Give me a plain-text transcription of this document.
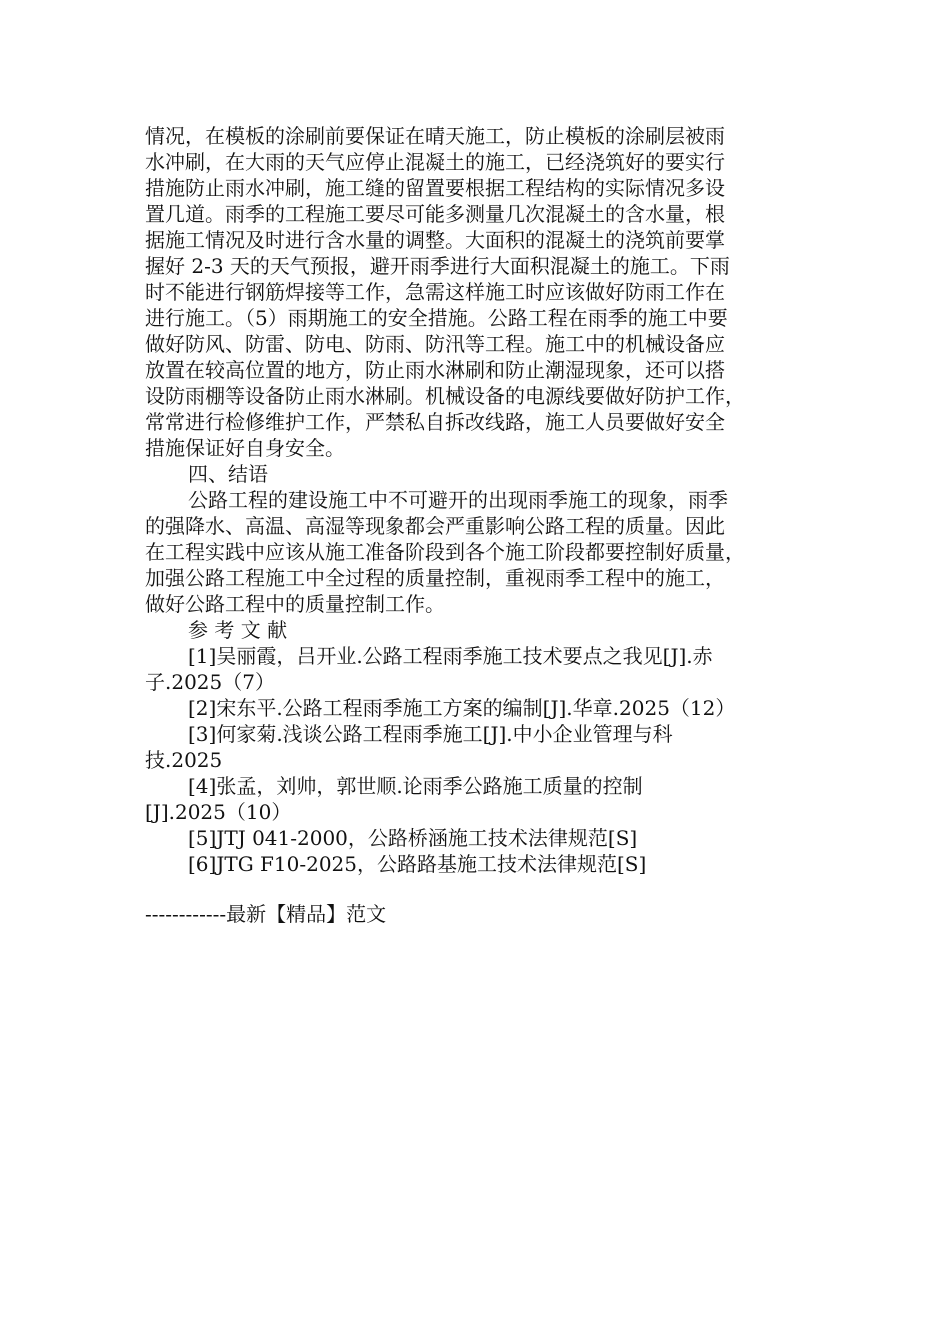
情况，在模板的涂刷前要保证在晴天施工，防止模板的涂刷层被雨
水冲刷，在大雨的天气应停止混凝土的施工，已经浇筑好的要实行
措施防止雨水冲刷，施工缝的留置要根据工程结构的实际情况多设
置几道。雨季的工程施工要尽可能多测量几次混凝土的含水量，根
据施工情况及时进行含水量的调整。大面积的混凝土的浇筑前要掌
握好 2-3 天的天气预报，避开雨季进行大面积混凝土的施工。下雨
时不能进行钢筋焊接等工作，急需这样施工时应该做好防雨工作在
进行施工。（5）雨期施工的安全措施。公路工程在雨季的施工中要
做好防风、防雷、防电、防雨、防汛等工程。施工中的机械设备应
放置在较高位置的地方，防止雨水淋刷和防止潮湿现象，还可以搭
设防雨棚等设备防止雨水淋刷。机械设备的电源线要做好防护工作，
常常进行检修维护工作，严禁私自拆改线路，施工人员要做好安全
措施保证好自身安全。
四、结语
公路工程的建设施工中不可避开的出现雨季施工的现象，雨季
的强降水、高温、高湿等现象都会严重影响公路工程的质量。因此
在工程实践中应该从施工准备阶段到各个施工阶段都要控制好质量，
加强公路工程施工中全过程的质量控制，重视雨季工程中的施工，
做好公路工程中的质量控制工作。
参 考 文 献
[1]吴丽霞，吕开业.公路工程雨季施工技术要点之我见[J].赤
子.2025（7）
[2]宋东平.公路工程雨季施工方案的编制[J].华章.2025（12）
[3]何家菊.浅谈公路工程雨季施工[J].中小企业管理与科
技.2025
[4]张孟，刘帅，郭世顺.论雨季公路施工质量的控制
[J].2025（10）
[5]JTJ 041-2000，公路桥涵施工技术法律规范[S]
[6]JTG F10-2025，公路路基施工技术法律规范[S]
------------最新【精品】范文
